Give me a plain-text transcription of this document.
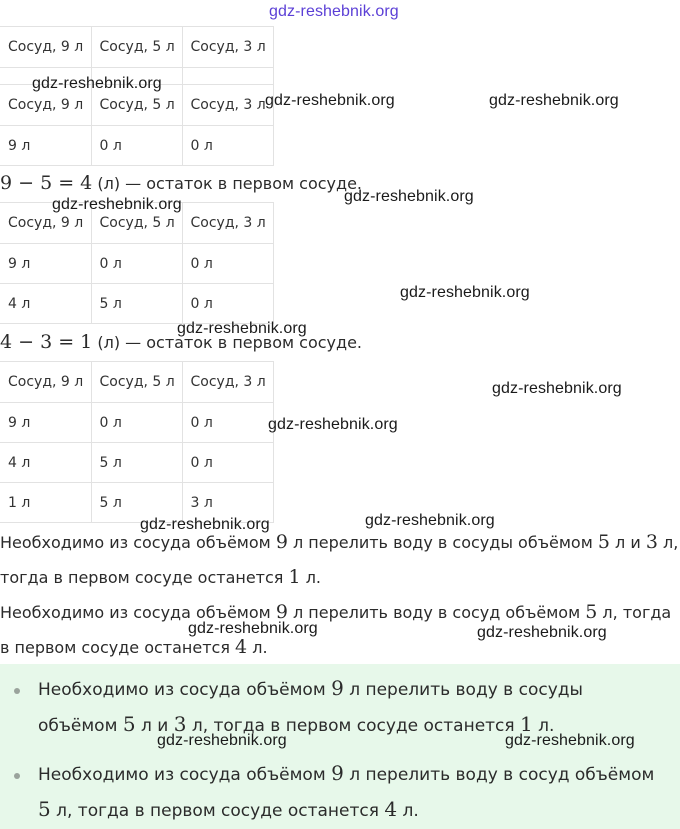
gdz-reshebnik.org
gdz-reshebnik.org
gdz-reshebnik.org	gdz-reshebnik.org
gdz-reshebnik.org
gdz-reshebnik.org
gdz-reshebnik.org
gdz-reshebnik.org
gdz-reshebnik.org
gdz-reshebnik.org
gdz-reshebnik.org	gdz-reshebnik.org
gdz-reshebnik.org	gdz-reshebnik.org
gdz-reshebnik.org	gdz-reshebnik.org
Сосуд, 9 л	Сосуд, 5 л	Сосуд, 3 л

Сосуд, 9 л	Сосуд, 5 л	Сосуд, 3 л
9 л	0 л	0 л
9 − 5 = 4 (л) — остаток в первом сосуде.
Сосуд, 9 л	Сосуд, 5 л	Сосуд, 3 л
9 л	0 л	0 л
4 л	5 л	0 л
4 − 3 = 1 (л) — остаток в первом сосуде.
Сосуд, 9 л	Сосуд, 5 л	Сосуд, 3 л
9 л	0 л	0 л
4 л	5 л	0 л
1 л	5 л	3 л
Необходимо из сосуда объёмом 9 л перелить воду в сосуды объёмом 5 л и 3 л,
тогда в первом сосуде останется 1 л.
Необходимо из сосуда объёмом 9 л перелить воду в сосуд объёмом 5 л, тогда
в первом сосуде останется 4 л.
Необходимо из сосуда объёмом 9 л перелить воду в сосуды
объёмом 5 л и 3 л, тогда в первом сосуде останется 1 л.
Необходимо из сосуда объёмом 9 л перелить воду в сосуд объёмом
5 л, тогда в первом сосуде останется 4 л.
